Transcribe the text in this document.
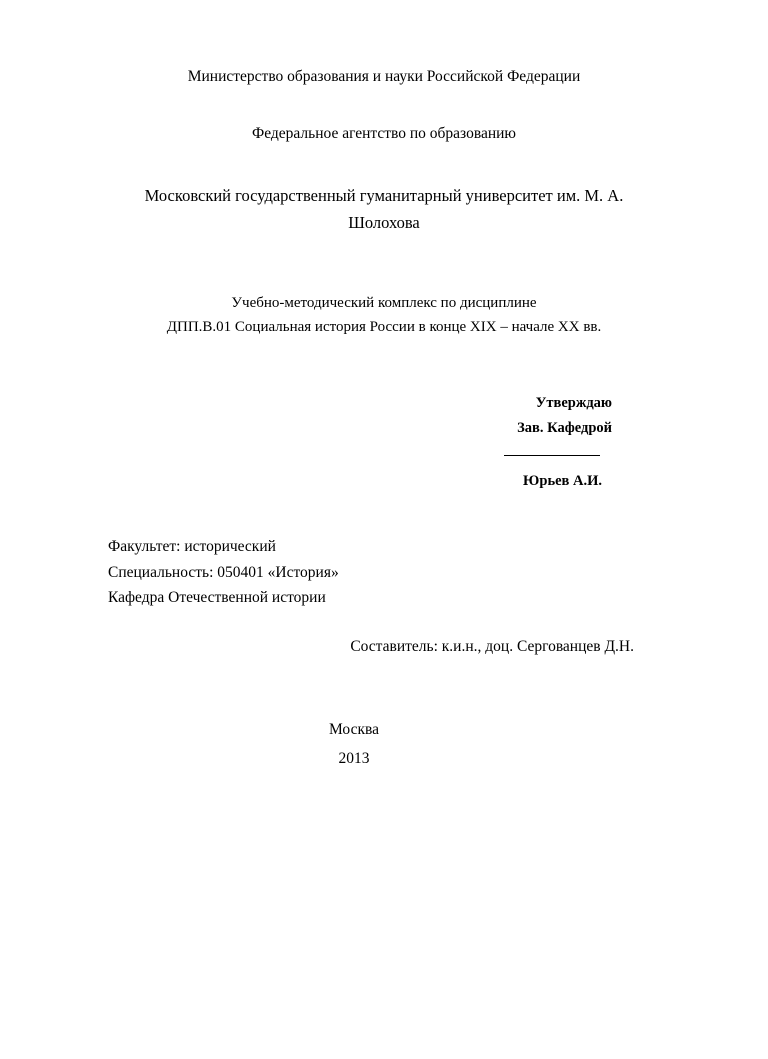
Министерство образования и науки Российской Федерации
Федеральное агентство по образованию
Московский государственный гуманитарный университет им. М. А. Шолохова
Учебно-методический комплекс по дисциплине
ДПП.В.01 Социальная история России в конце XIX – начале XX вв.
Утверждаю
Зав. Кафедрой
Юрьев А.И.
Факультет: исторический
Специальность: 050401 «История»
Кафедра Отечественной истории
Составитель: к.и.н., доц. Сергованцев Д.Н.
Москва
2013
